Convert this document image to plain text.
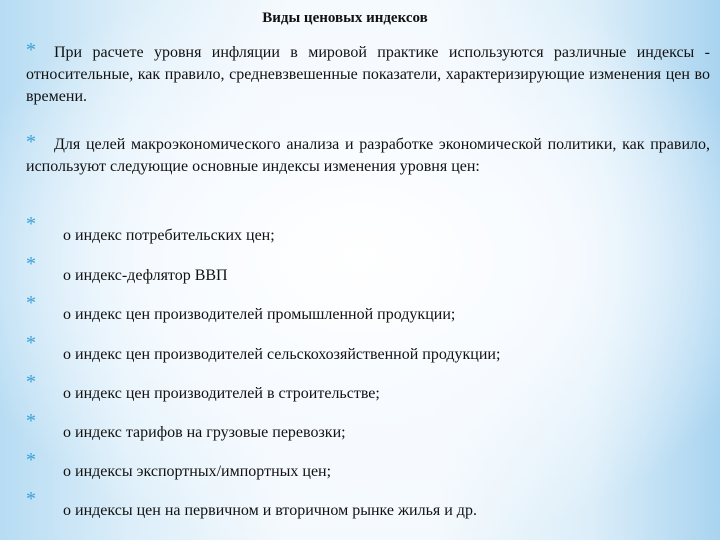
Виды ценовых индексов
* При расчете уровня инфляции в мировой практике используются различные индексы - относительные, как правило, средневзвешенные показатели, характеризирующие изменения цен во времени.
* Для целей макроэкономического анализа и разработке экономической политики, как правило, используют следующие основные индексы изменения уровня цен:
*
о индекс потребительских цен;
*
о индекс-дефлятор ВВП
*
о индекс цен производителей промышленной продукции;
*
о индекс цен производителей сельскохозяйственной продукции;
*
о индекс цен производителей в строительстве;
*
о индекс тарифов на грузовые перевозки;
*
о индексы экспортных/импортных цен;
*
о индексы цен на первичном и вторичном рынке жилья и др.
